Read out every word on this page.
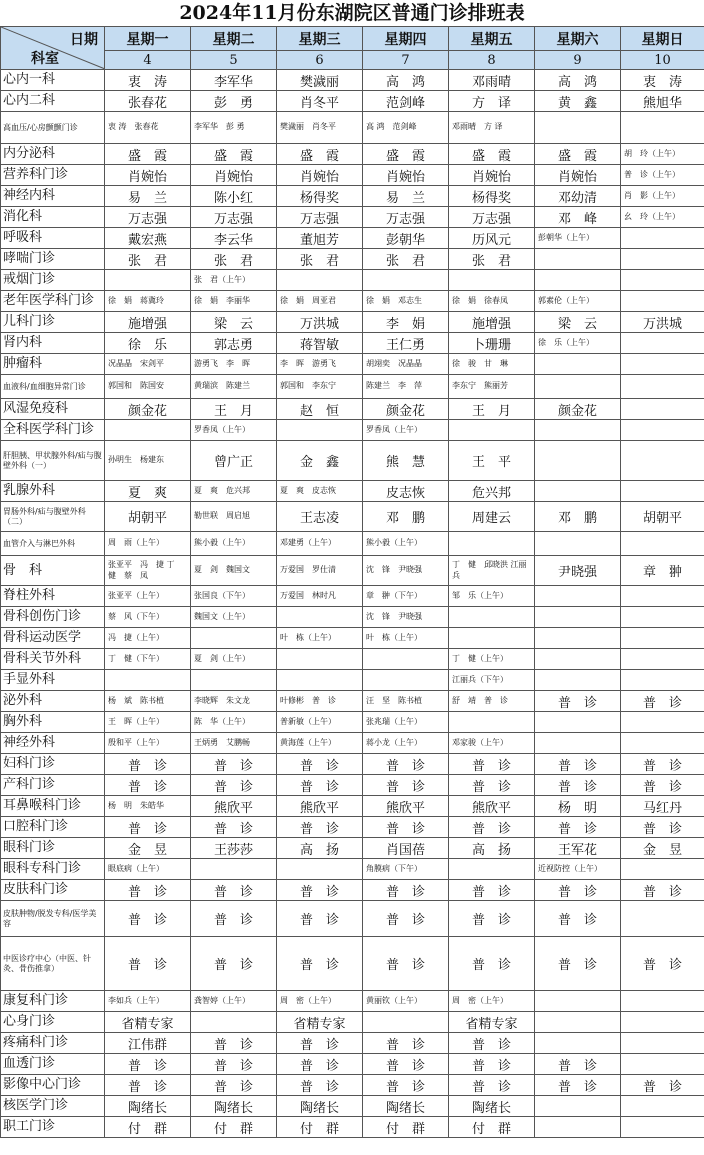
2024年11月份东湖院区普通门诊排班表
日期
科室	星期一	星期二	星期三	星期四	星期五	星期六	星期日
	4	5	6	7	8	9	10
心内一科	衷　涛	李军华	樊濊丽	高　鸿	邓雨晴	高　鸿	衷　涛
心内二科	张春花	彭　勇	肖冬平	范剑峰	方　译	黄　鑫	熊旭华
高血压/心房颤颤门诊	衷 涛　张春花	李军华　彭 勇	樊濊丽　肖冬平	高 鸿　范剑峰	邓雨晴　方 译		
内分泌科	盛　霞	盛　霞	盛　霞	盛　霞	盛　霞	盛　霞	胡　玲（上午）
营养科门诊	肖婉怡	肖婉怡	肖婉怡	肖婉怡	肖婉怡	肖婉怡	普　诊（上午）
神经内科	易　兰	陈小红	杨得奖	易　兰	杨得奖	邓幼清	肖　影（上午）
消化科	万志强	万志强	万志强	万志强	万志强	邓　峰	幺　玲（上午）
呼吸科	戴宏燕	李云华	董旭芳	彭朝华	历风元	彭朝华（上午）	
哮喘门诊	张　君	张　君	张　君	张　君	张　君		
戒烟门诊		张　君（上午）					
老年医学科门诊	徐　娟　蒋冀玲	徐　娟　李丽华	徐　娟　周亚君	徐　娟　邓志生	徐　娟　徐春凤	郭素伦（上午）	
儿科门诊	施增强	梁　云	万洪城	李　娟	施增强	梁　云	万洪城
肾内科	徐　乐	郭志勇	蒋智敏	王仁勇	卜珊珊	徐　乐（上午）	
肿瘤科	况晶晶　宋剑平	游勇飞　李　晖	李　晖　游勇飞	胡翊奕　况晶晶	徐　骏　甘　琳		
血液科/血细胞异常门诊	郭国和　陈国安	黄瑞滨　陈建兰	郭国和　李东宁	陈建兰　李　萍	李东宁　熊丽芳		
风湿免疫科	颜金花	王　月	赵　恒	颜金花	王　月	颜金花	
全科医学科门诊		罗香凤（上午）		罗香凤（上午）			
肝胆胰、甲状腺外科/疝与腹壁外科（一）	孙明生　杨建东	曾广正	金　鑫	熊　慧	王　平		
乳腺外科	夏　爽	夏　爽　危兴邦	夏　爽　皮志恢	皮志恢	危兴邦		
胃肠外科/疝与腹壁外科（二）	胡朝平	勒世联　周启旭	王志凌	邓　鹏	周建云	邓　鹏	胡朝平
血管介入与淋巴外科	周　雨（上午）	熊小毅（上午）	邓建勇（上午）	熊小毅（上午）			
骨　科	张亚平　冯　捷 丁　健　蔡　凤	夏　剑　魏国文	万爱国　罗仕清	沈　锋　尹晓强	丁　健　邱晓洪 江丽兵	尹晓强	章　翀
脊柱外科	张亚平（上午）	张国良（下午）	万爱国　林时凡	章　翀（下午）	邹　乐（上午）		
骨科创伤门诊	蔡　风（下午）	魏国文（上午）		沈　锋　尹晓强			
骨科运动医学	冯　捷（上午）		叶　栋（上午）	叶　栋（上午）			
骨科关节外科	丁　健（下午）	夏　剑（上午）			丁　健（上午）		
手显外科					江丽兵（下午）		
泌外科	杨　斌　陈书植	李晓辉　朱文龙	叶修彬　普　诊	汪　坚　陈书植	舒　靖　普　诊	普　诊	普　诊
胸外科	王　晖（上午）	陈　华（上午）	普新敏（上午）	张兆瑞（上午）			
神经外科	殷和平（上午）	王炳勇　艾鹏畅	黄海莲（上午）	蒋小龙（上午）	邓家骏（上午）		
妇科门诊	普　诊	普　诊	普　诊	普　诊	普　诊	普　诊	普　诊
产科门诊	普　诊	普　诊	普　诊	普　诊	普　诊	普　诊	普　诊
耳鼻喉科门诊	杨　明　朱皓华	熊欣平	熊欣平	熊欣平	熊欣平	杨　明	马红丹
口腔科门诊	普　诊	普　诊	普　诊	普　诊	普　诊	普　诊	普　诊
眼科门诊	金　昱	王莎莎	高　扬	肖国蓓	高　扬	王军花	金　昱
眼科专科门诊	眼底病（上午）			角膜病（下午）		近视防控（上午）	
皮肤科门诊	普　诊	普　诊	普　诊	普　诊	普　诊	普　诊	普　诊
皮肤肿物/脱发专科/医学美容	普　诊	普　诊	普　诊	普　诊	普　诊	普　诊	
中医诊疗中心（中医、针灸、骨伤推拿）	普　诊	普　诊	普　诊	普　诊	普　诊	普　诊	普　诊
康复科门诊	李如兵（上午）	龚智婷（上午）	周　密（上午）	黄丽钦（上午）	周　密（上午）		
心身门诊	省精专家		省精专家		省精专家		
疼痛科门诊	江伟群	普　诊	普　诊	普　诊	普　诊		
血透门诊	普　诊	普　诊	普　诊	普　诊	普　诊	普　诊	
影像中心门诊	普　诊	普　诊	普　诊	普　诊	普　诊	普　诊	普　诊
核医学门诊	陶绪长	陶绪长	陶绪长	陶绪长	陶绪长		
职工门诊	付　群	付　群	付　群	付　群	付　群		
